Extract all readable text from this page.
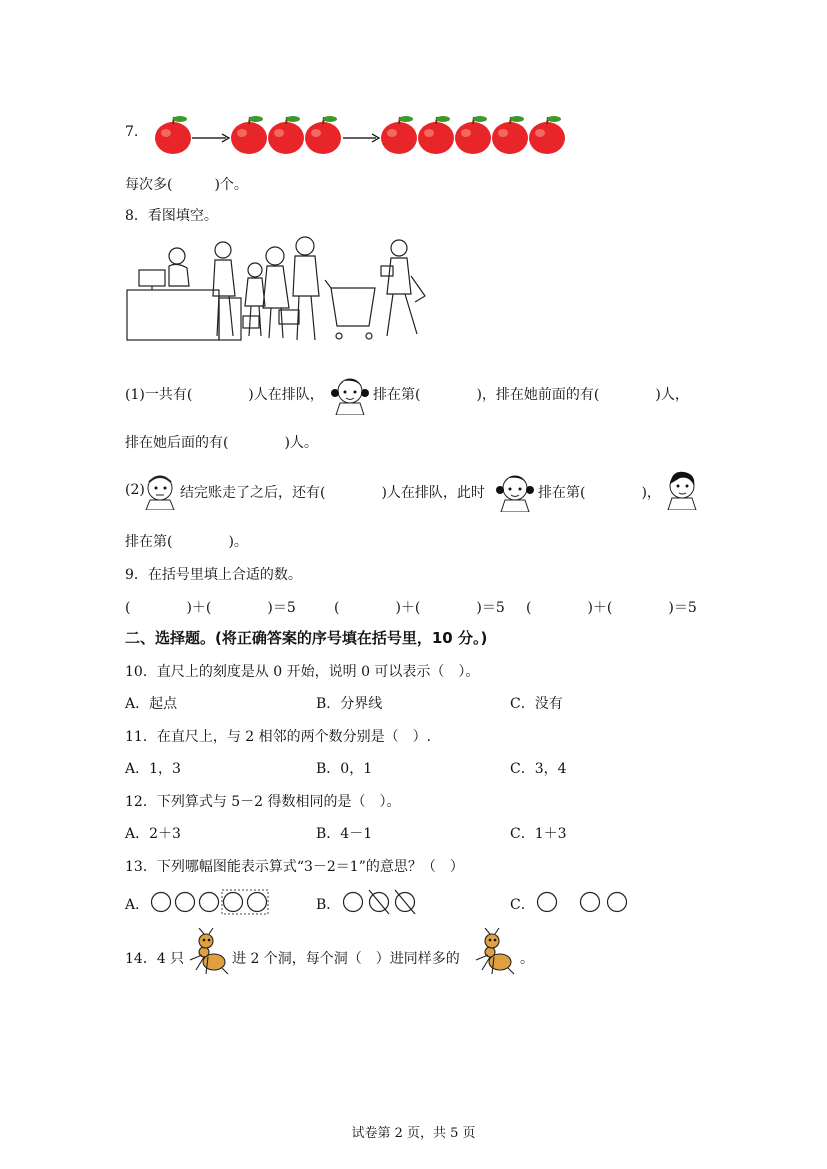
7.
每次多(　　　)个。
8．看图填空。
(1)一共有(　　　　)人在排队，	排在第(　　　　)，排在她前面的有(　　　　)人，
排在她后面的有(　　　　)人。
(2)	结完账走了之后，还有(　　　　)人在排队，此时	排在第(　　　　)，
排在第(　　　　)。
9．在括号里填上合适的数。
(　　　　)＋(　　　　)＝5	(　　　　)＋(　　　　)＝5 (　　　　)＋(　　　　)＝5
二、选择题。(将正确答案的序号填在括号里，10 分。)
10．直尺上的刻度是从 0 开始，说明 0 可以表示（　）。
A．起点	B．分界线	C．没有
11．在直尺上，与 2 相邻的两个数分别是（　）.
A．1，3	B．0，1	C．3，4
12．下列算式与 5－2 得数相同的是（　）。
A．2＋3	B．4－1	C．1＋3
13．下列哪幅图能表示算式“3－2＝1”的意思？（　）
A．	B．	C．
14．4 只	进 2 个洞，每个洞（　）进同样多的	。
试卷第 2 页，共 5 页
